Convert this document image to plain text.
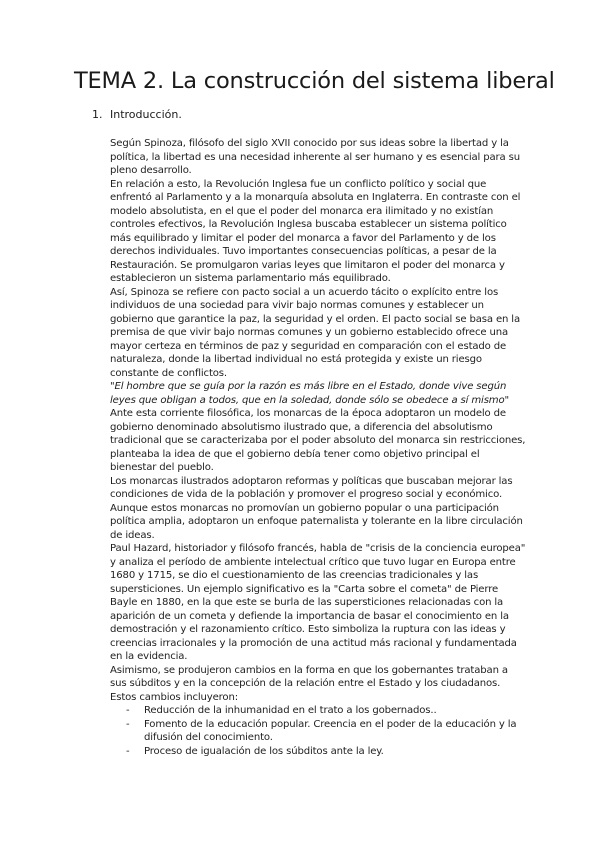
TEMA 2. La construcción del sistema liberal
1. Introducción.

Según Spinoza, filósofo del siglo XVII conocido por sus ideas sobre la libertad y la política, la libertad es una necesidad inherente al ser humano y es esencial para su pleno desarrollo.

En relación a esto, la Revolución Inglesa fue un conflicto político y social que enfrentó al Parlamento y a la monarquía absoluta en Inglaterra. En contraste con el modelo absolutista, en el que el poder del monarca era ilimitado y no existían controles efectivos, la Revolución Inglesa buscaba establecer un sistema político más equilibrado y limitar el poder del monarca a favor del Parlamento y de los derechos individuales. Tuvo importantes consecuencias políticas, a pesar de la Restauración. Se promulgaron varias leyes que limitaron el poder del monarca y establecieron un sistema parlamentario más equilibrado.

Así, Spinoza se refiere con pacto social a un acuerdo tácito o explícito entre los individuos de una sociedad para vivir bajo normas comunes y establecer un gobierno que garantice la paz, la seguridad y el orden. El pacto social se basa en la premisa de que vivir bajo normas comunes y un gobierno establecido ofrece una mayor certeza en términos de paz y seguridad en comparación con el estado de naturaleza, donde la libertad individual no está protegida y existe un riesgo constante de conflictos.

"El hombre que se guía por la razón es más libre en el Estado, donde vive según leyes que obligan a todos, que en la soledad, donde sólo se obedece a sí mismo"

Ante esta corriente filosófica, los monarcas de la época adoptaron un modelo de gobierno denominado absolutismo ilustrado que, a diferencia del absolutismo tradicional que se caracterizaba por el poder absoluto del monarca sin restricciones, planteaba la idea de que el gobierno debía tener como objetivo principal el bienestar del pueblo.

Los monarcas ilustrados adoptaron reformas y políticas que buscaban mejorar las condiciones de vida de la población y promover el progreso social y económico. Aunque estos monarcas no promovían un gobierno popular o una participación política amplia, adoptaron un enfoque paternalista y tolerante en la libre circulación de ideas.

Paul Hazard, historiador y filósofo francés, habla de "crisis de la conciencia europea" y analiza el período de ambiente intelectual crítico que tuvo lugar en Europa entre 1680 y 1715, se dio el cuestionamiento de las creencias tradicionales y las supersticiones. Un ejemplo significativo es la "Carta sobre el cometa" de Pierre Bayle en 1880, en la que este se burla de las supersticiones relacionadas con la aparición de un cometa y defiende la importancia de basar el conocimiento en la demostración y el razonamiento crítico. Esto simboliza la ruptura con las ideas y creencias irracionales y la promoción de una actitud más racional y fundamentada en la evidencia.

Asimismo, se produjeron cambios en la forma en que los gobernantes trataban a sus súbditos y en la concepción de la relación entre el Estado y los ciudadanos. Estos cambios incluyeron:

- Reducción de la inhumanidad en el trato a los gobernados..
- Fomento de la educación popular. Creencia en el poder de la educación y la difusión del conocimiento.
- Proceso de igualación de los súbditos ante la ley.
